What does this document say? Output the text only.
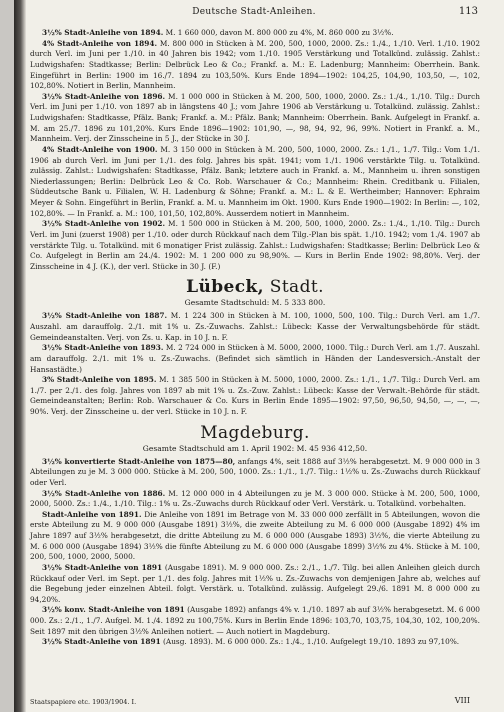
Deutsche Stadt-Anleihen.	113

3½% Stadt-Anleihe von 1894. M. 1 660 000, davon M. 800 000 zu 4%, M. 860 000 zu 3½%.

4% Stadt-Anleihe von 1894. M. 800 000 in Stücken à M. 200, 500, 1000, 2000. Zs.: 1./4., 1./10. Verl. 1./10. 1902 durch Verl. im Juni per 1./10. in 40 Jahren bis 1942; vom 1./10. 1905 Verstärkung und Totalkünd. zulässig. Zahlst.: Ludwigshafen: Stadtkasse; Berlin: Delbrück Leo & Co.; Frankf. a. M.: E. Ladenburg; Mannheim: Oberrhein. Bank. Eingeführt in Berlin: 1900 im 16./7. 1894 zu 103,50%. Kurs Ende 1894—1902: 104,25, 104,90, 103,50, —, 102, 102,80%. Notiert in Berlin, Mannheim.

3½% Stadt-Anleihe von 1896. M. 1 000 000 in Stücken à M. 200, 500, 1000, 2000. Zs.: 1./4., 1./10. Tilg.: Durch Verl. im Juni per 1./10. von 1897 ab in längstens 40 J.; vom Jahre 1906 ab Verstärkung u. Totalkünd. zulässig. Zahlst.: Ludwigshafen: Stadtkasse, Pfälz. Bank; Frankf. a. M.: Pfälz. Bank; Mannheim: Oberrhein. Bank. Aufgelegt in Frankf. a. M. am 25./7. 1896 zu 101,20%. Kurs Ende 1896—1902: 101,90, —, 98, 94, 92, 96, 99%. Notiert in Frankf. a. M., Mannheim. Verj. der Zinsscheine in 5 J., der Stücke in 30 J.

4% Stadt-Anleihe von 1900. M. 3 150 000 in Stücken à M. 200, 500, 1000, 2000. Zs.: 1./1., 1./7. Tilg.: Vom 1./1. 1906 ab durch Verl. im Juni per 1./1. des folg. Jahres bis spät. 1941; vom 1./1. 1906 verstärkte Tilg. u. Totalkünd. zulässig. Zahlst.: Ludwigshafen: Stadtkasse, Pfälz. Bank; letztere auch in Frankf. a. M., Mannheim u. ihren sonstigen Niederlassungen; Berlin: Delbrück Leo & Co. Rob. Warschauer & Co.; Mannheim: Rhein. Creditbank u. Filialen, Süddeutsche Bank u. Filialen, W. H. Ladenburg & Söhne; Frankf. a. M.: L. & E. Wertheimber; Hannover: Ephraim Meyer & Sohn. Eingeführt in Berlin, Frankf. a. M. u. Mannheim im Okt. 1900. Kurs Ende 1900—1902: In Berlin: —, 102, 102,80%. — In Frankf. a. M.: 100, 101,50, 102,80%. Ausserdem notiert in Mannheim.

3½% Stadt-Anleihe von 1902. M. 1 500 000 in Stücken à M. 200, 500, 1000, 2000. Zs.: 1./4., 1./10. Tilg.: Durch Verl. im Juni (zuerst 1908) per 1./10. oder durch Rückkauf nach dem Tilg.-Plan bis spät. 1./10. 1942; vom 1./4. 1907 ab verstärkte Tilg. u. Totalkünd. mit 6 monatiger Frist zulässig. Zahlst.: Ludwigshafen: Stadtkasse; Berlin: Delbrück Leo & Co. Aufgelegt in Berlin am 24./4. 1902: M. 1 200 000 zu 98,90%. — Kurs in Berlin Ende 1902: 98,80%. Verj. der Zinsscheine in 4 J. (K.), der verl. Stücke in 30 J. (F.)

Lübeck, Stadt.
Gesamte Stadtschuld: M. 5 333 800.

3½% Stadt-Anleihe von 1887. M. 1 224 300 in Stücken à M. 100, 1000, 500, 100. Tilg.: Durch Verl. am 1./7. Auszahl. am darauffolg. 2./1. mit 1% u. Zs.-Zuwachs. Zahlst.: Lübeck: Kasse der Verwaltungsbehörde für städt. Gemeindeanstalten. Verj. von Zs. u. Kap. in 10 J. n. F.

3½% Stadt-Anleihe von 1893. M. 2 724 000 in Stücken à M. 5000, 2000, 1000. Tilg.: Durch Verl. am 1./7. Auszahl. am darauffolg. 2./1. mit 1% u. Zs.-Zuwachs. (Befindet sich sämtlich in Händen der Landesversich.-Anstalt der Hansastädte.)

3% Stadt-Anleihe von 1895. M. 1 385 500 in Stücken à M. 5000, 1000, 2000. Zs.: 1./1., 1./7. Tilg.: Durch Verl. am 1./7. per 2./1. des folg. Jahres von 1897 ab mit 1% u. Zs.-Zuw. Zahlst.: Lübeck: Kasse der Verwalt.-Behörde für städt. Gemeindeanstalten; Berlin: Rob. Warschauer & Co. Kurs in Berlin Ende 1895—1902: 97,50, 96,50, 94,50, —, —, —, 90%. Verj. der Zinsscheine u. der verl. Stücke in 10 J. n. F.

Magdeburg.
Gesamte Stadtschuld am 1. April 1902: M. 45 936 412,50.

3½% konvertierte Stadt-Anleihe von 1875—80, anfangs 4%, seit 1888 auf 3½% herabgesetzt. M. 9 000 000 in 3 Abteilungen zu je M. 3 000 000. Stücke à M. 200, 500, 1000. Zs.: 1./1., 1./7. Tilg.: 1½% u. Zs.-Zuwachs durch Rückkauf oder Verl.

3½% Stadt-Anleihe von 1886. M. 12 000 000 in 4 Abteilungen zu je M. 3 000 000. Stücke à M. 200, 500, 1000, 2000, 5000. Zs.: 1./4., 1./10. Tilg.: 1% u. Zs.-Zuwachs durch Rückkauf oder Verl. Verstärk. u. Totalkünd. vorbehalten.

Stadt-Anleihe von 1891. Die Anleihe von 1891 im Betrage von M. 33 000 000 zerfällt in 5 Abteilungen, wovon die erste Abteilung zu M. 9 000 000 (Ausgabe 1891) 3½%, die zweite Abteilung zu M. 6 000 000 (Ausgabe 1892) 4% im Jahre 1897 auf 3½% herabgesetzt, die dritte Abteilung zu M. 6 000 000 (Ausgabe 1893) 3½%, die vierte Abteilung zu M. 6 000 000 (Ausgabe 1894) 3½% die fünfte Abteilung zu M. 6 000 000 (Ausgabe 1899) 3½% zu 4%. Stücke à M. 100, 200, 500, 1000, 2000, 5000.

3½% Stadt-Anleihe von 1891 (Ausgabe 1891). M. 9 000 000. Zs.: 2./1., 1./7. Tilg. bei allen Anleihen gleich durch Rückkauf oder Verl. im Sept. per 1./1. des folg. Jahres mit 1½% u. Zs.-Zuwachs von demjenigen Jahre ab, welches auf die Begebung jeder einzelnen Abteil. folgt. Verstärk. u. Totalkünd. zulässig. Aufgelegt 29./6. 1891 M. 8 000 000 zu 94,20%.

3½% konv. Stadt-Anleihe von 1891 (Ausgabe 1892) anfangs 4% v. 1./10. 1897 ab auf 3½% herabgesetzt. M. 6 000 000. Zs.: 2./1., 1./7. Aufgel. M. 1./4. 1892 zu 100,75%. Kurs in Berlin Ende 1896: 103,70, 103,75, 104,30, 102, 100,20%. Seit 1897 mit den übrigen 3½% Anleihen notiert. — Auch notiert in Magdeburg.

3½% Stadt-Anleihe von 1891 (Ausg. 1893). M. 6 000 000. Zs.: 1./4., 1./10. Aufgelegt 19./10. 1893 zu 97,10%.

Staatspapiere etc. 1903/1904. I.	VIII
